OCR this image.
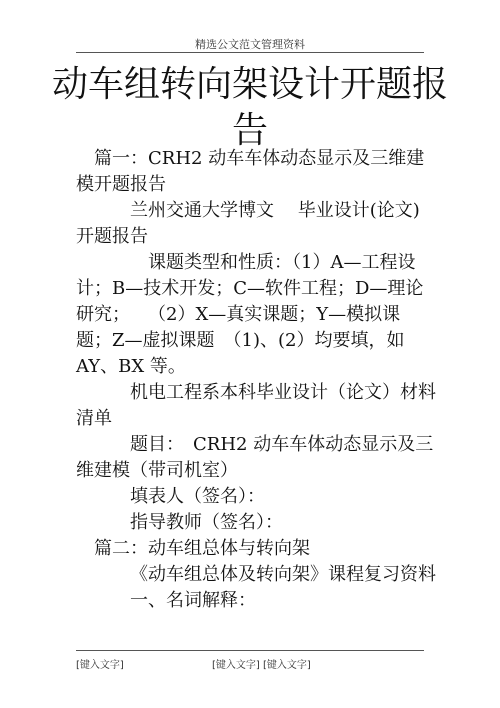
精选公文范文管理资料
动车组转向架设计开题报告

篇一：CRH2 动车车体动态显示及三维建模开题报告

兰州交通大学博文　 毕业设计(论文)开题报告

课题类型和性质：（1）A—工程设计；B—技术开发；C—软件工程；D—理论研究；　　（2）X—真实课题；Y—模拟课题；Z—虚拟课题　（1)、(2）均要填，如 AY、BX 等。

机电工程系本科毕业设计（论文）材料清单

题目：　CRH2 动车车体动态显示及三维建模（带司机室）

填表人（签名）：

指导教师（签名）：

篇二：动车组总体与转向架

《动车组总体及转向架》课程复习资料

一、名词解释：

[键入文字]	[键入文字] [键入文字]
